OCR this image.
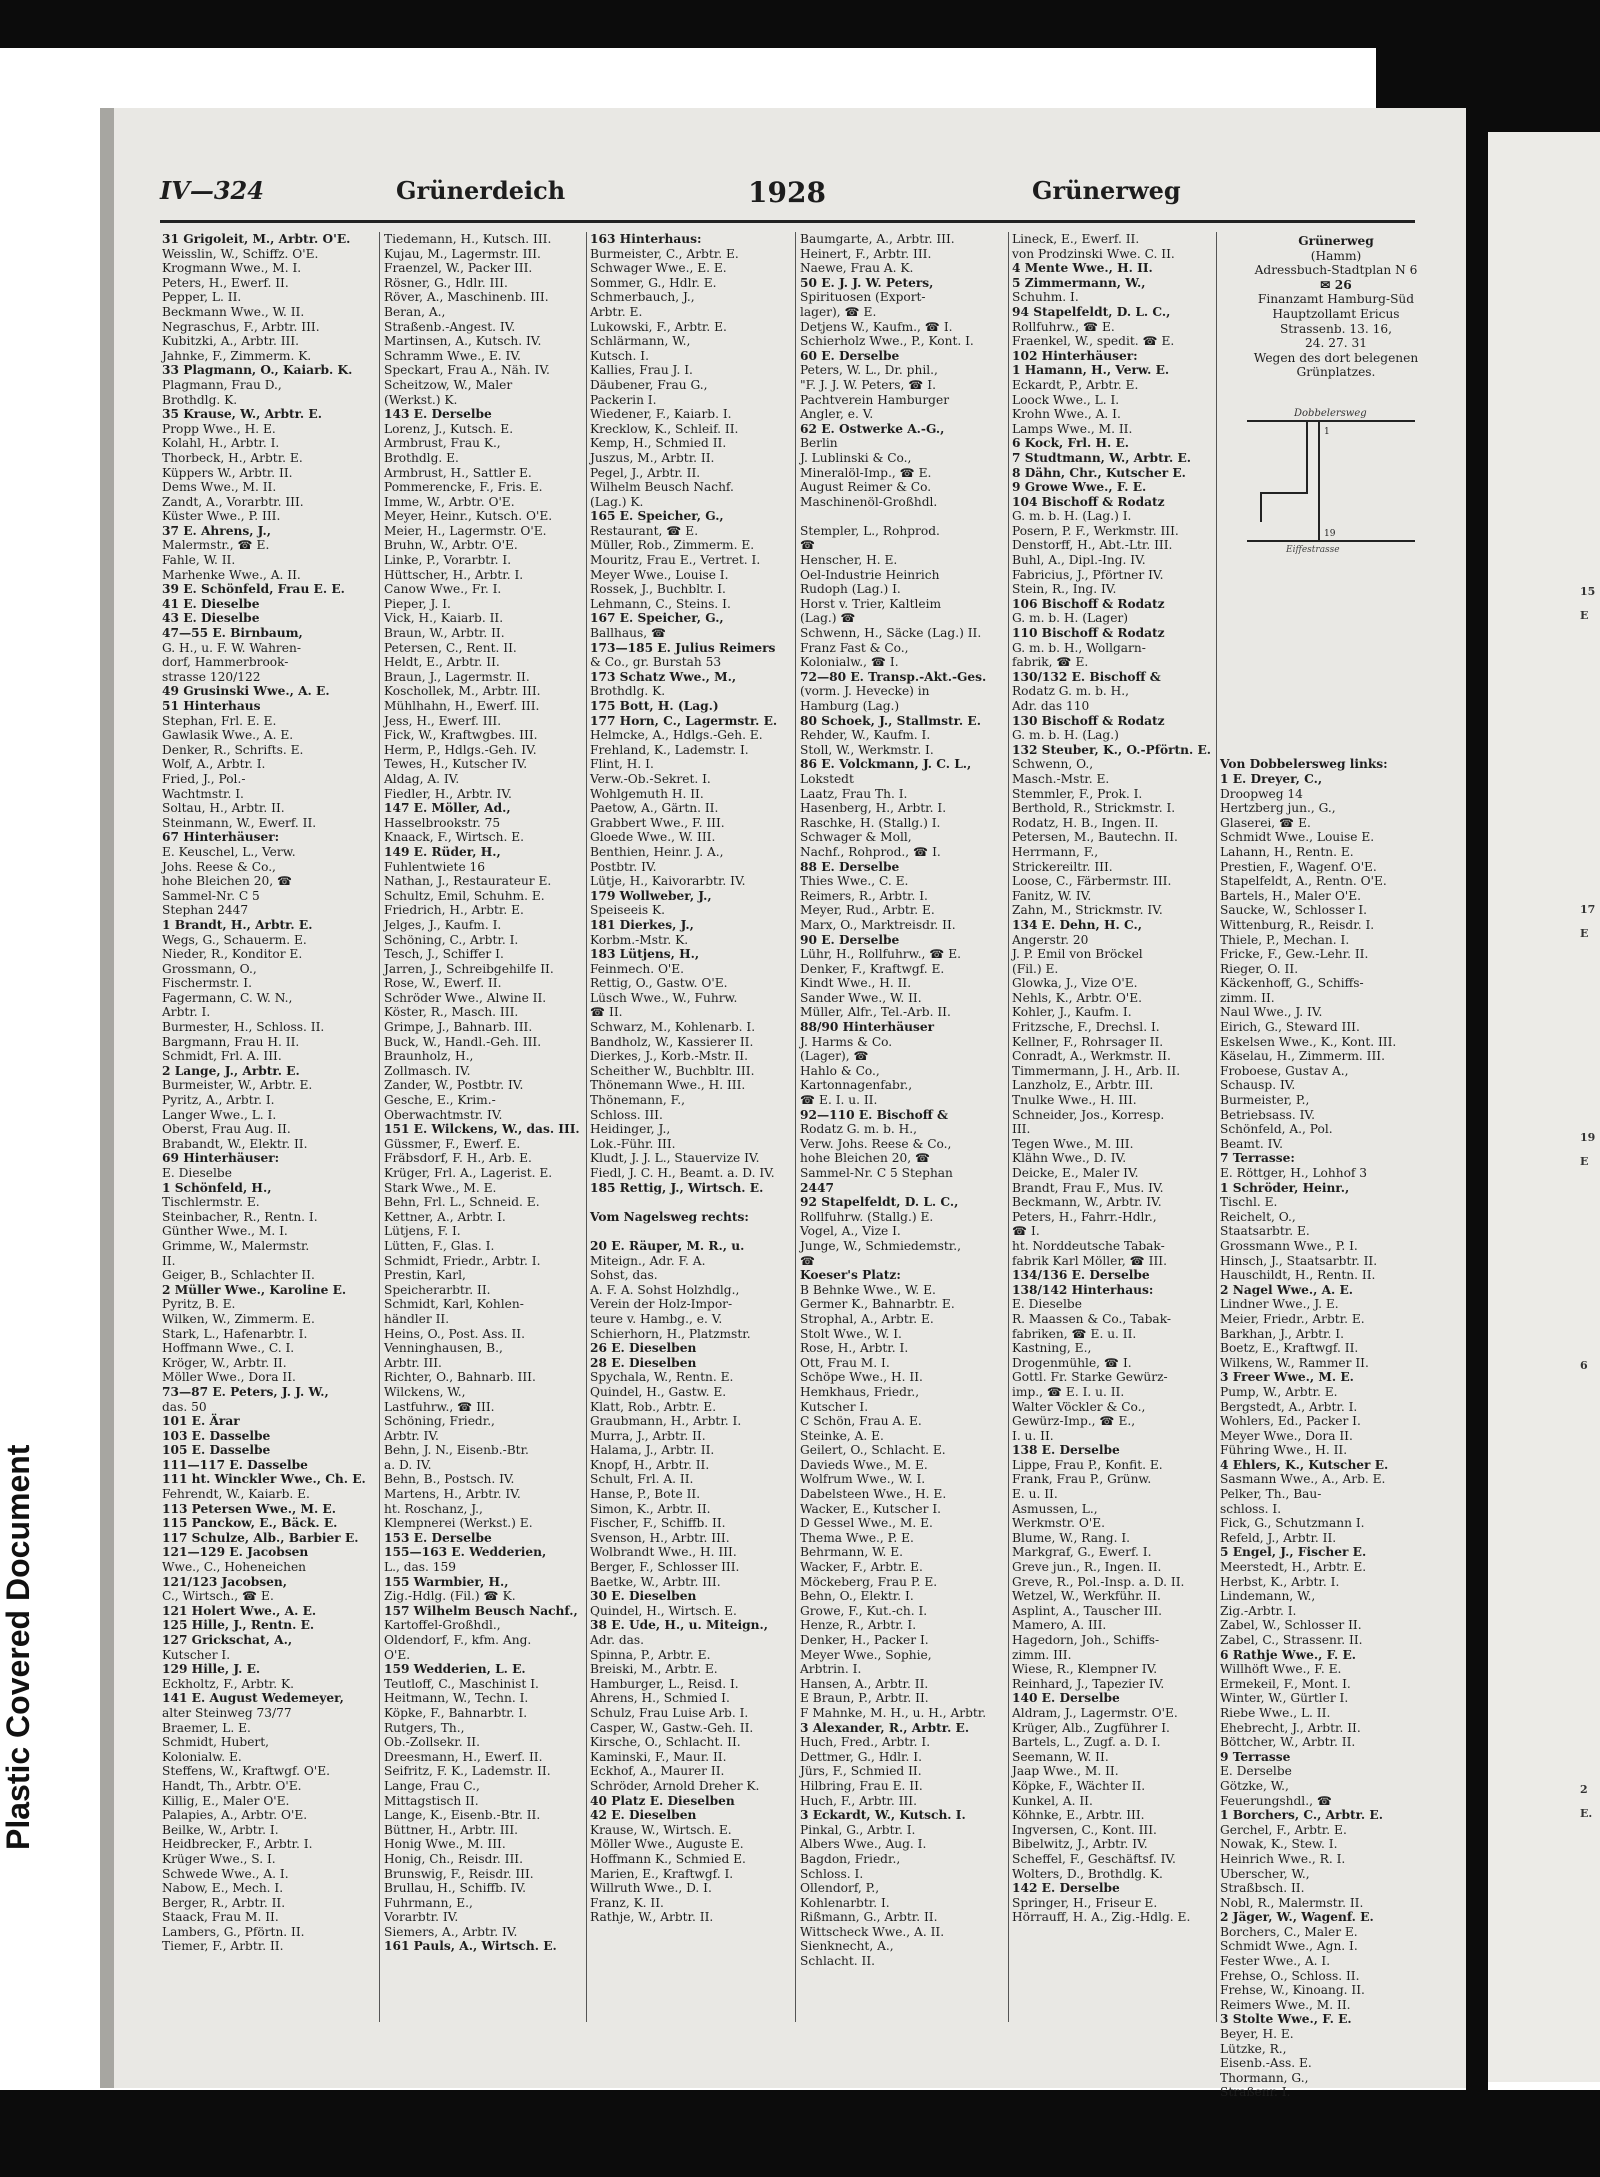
15 E
17 E
19 E
6
2 E.
Plastic Covered Document
IV—324	Grünerdeich	1928	Grünerweg
31 Grigoleit, M., Arbtr. O'E.
Weisslin, W., Schiffz. O'E.
Krogmann Wwe., M. I.
Peters, H., Ewerf. II.
Pepper, L. II.
Beckmann Wwe., W. II.
Negraschus, F., Arbtr. III.
Kubitzki, A., Arbtr. III.
Jahnke, F., Zimmerm. K.
33 Plagmann, O., Kaiarb. K.
Plagmann, Frau D.,
Brothdlg. K.
35 Krause, W., Arbtr. E.
Propp Wwe., H. E.
Kolahl, H., Arbtr. I.
Thorbeck, H., Arbtr. E.
Küppers W., Arbtr. II.
Dems Wwe., M. II.
Zandt, A., Vorarbtr. III.
Küster Wwe., P. III.
37 E. Ahrens, J.,
Malermstr., ☎ E.
Fahle, W. II.
Marhenke Wwe., A. II.
39 E. Schönfeld, Frau E. E.
41 E. Dieselbe
43 E. Dieselbe
47—55 E. Birnbaum,
G. H., u. F. W. Wahren-
dorf, Hammerbrook-
strasse 120/122
49 Grusinski Wwe., A. E.
51 Hinterhaus
Stephan, Frl. E. E.
Gawlasik Wwe., A. E.
Denker, R., Schrifts. E.
Wolf, A., Arbtr. I.
Fried, J., Pol.-
Wachtmstr. I.
Soltau, H., Arbtr. II.
Steinmann, W., Ewerf. II.
67 Hinterhäuser:
E. Keuschel, L., Verw.
Johs. Reese & Co.,
hohe Bleichen 20, ☎
Sammel-Nr. C 5
Stephan 2447
1 Brandt, H., Arbtr. E.
Wegs, G., Schauerm. E.
Nieder, R., Konditor E.
Grossmann, O.,
Fischermstr. I.
Fagermann, C. W. N.,
Arbtr. I.
Burmester, H., Schloss. II.
Bargmann, Frau H. II.
Schmidt, Frl. A. III.
2 Lange, J., Arbtr. E.
Burmeister, W., Arbtr. E.
Pyritz, A., Arbtr. I.
Langer Wwe., L. I.
Oberst, Frau Aug. II.
Brabandt, W., Elektr. II.
69 Hinterhäuser:
E. Dieselbe
1 Schönfeld, H.,
Tischlermstr. E.
Steinbacher, R., Rentn. I.
Günther Wwe., M. I.
Grimme, W., Malermstr.
II.
Geiger, B., Schlachter II.
2 Müller Wwe., Karoline E.
Pyritz, B. E.
Wilken, W., Zimmerm. E.
Stark, L., Hafenarbtr. I.
Hoffmann Wwe., C. I.
Kröger, W., Arbtr. II.
Möller Wwe., Dora II.
73—87 E. Peters, J. J. W.,
das. 50
101 E. Ärar
103 E. Dasselbe
105 E. Dasselbe
111—117 E. Dasselbe
111 ht. Winckler Wwe., Ch. E.
Fehrendt, W., Kaiarb. E.
113 Petersen Wwe., M. E.
115 Panckow, E., Bäck. E.
117 Schulze, Alb., Barbier E.
121—129 E. Jacobsen
Wwe., C., Hoheneichen
121/123 Jacobsen,
C., Wirtsch., ☎ E.
121 Holert Wwe., A. E.
125 Hille, J., Rentn. E.
127 Grickschat, A.,
Kutscher I.
129 Hille, J. E.
Eckholtz, F., Arbtr. K.
141 E. August Wedemeyer,
alter Steinweg 73/77
Braemer, L. E.
Schmidt, Hubert,
Kolonialw. E.
Steffens, W., Kraftwgf. O'E.
Handt, Th., Arbtr. O'E.
Killig, E., Maler O'E.
Palapies, A., Arbtr. O'E.
Beilke, W., Arbtr. I.
Heidbrecker, F., Arbtr. I.
Krüger Wwe., S. I.
Schwede Wwe., A. I.
Nabow, E., Mech. I.
Berger, R., Arbtr. II.
Staack, Frau M. II.
Lambers, G., Pförtn. II.
Tiemer, F., Arbtr. II.
Tiedemann, H., Kutsch. III.
Kujau, M., Lagermstr. III.
Fraenzel, W., Packer III.
Rösner, G., Hdlr. III.
Röver, A., Maschinenb. III.
Beran, A.,
Straßenb.-Angest. IV.
Martinsen, A., Kutsch. IV.
Schramm Wwe., E. IV.
Speckart, Frau A., Näh. IV.
Scheitzow, W., Maler
(Werkst.) K.
143 E. Derselbe
Lorenz, J., Kutsch. E.
Armbrust, Frau K.,
Brothdlg. E.
Armbrust, H., Sattler E.
Pommerencke, F., Fris. E.
Imme, W., Arbtr. O'E.
Meyer, Heinr., Kutsch. O'E.
Meier, H., Lagermstr. O'E.
Bruhn, W., Arbtr. O'E.
Linke, P., Vorarbtr. I.
Hüttscher, H., Arbtr. I.
Canow Wwe., Fr. I.
Pieper, J. I.
Vick, H., Kaiarb. II.
Braun, W., Arbtr. II.
Petersen, C., Rent. II.
Heldt, E., Arbtr. II.
Braun, J., Lagermstr. II.
Koschollek, M., Arbtr. III.
Mühlhahn, H., Ewerf. III.
Jess, H., Ewerf. III.
Fick, W., Kraftwgbes. III.
Herm, P., Hdlgs.-Geh. IV.
Tewes, H., Kutscher IV.
Aldag, A. IV.
Fiedler, H., Arbtr. IV.
147 E. Möller, Ad.,
Hasselbrookstr. 75
Knaack, F., Wirtsch. E.
149 E. Rüder, H.,
Fuhlentwiete 16
Nathan, J., Restaurateur E.
Schultz, Emil, Schuhm. E.
Friedrich, H., Arbtr. E.
Jelges, J., Kaufm. I.
Schöning, C., Arbtr. I.
Tesch, J., Schiffer I.
Jarren, J., Schreibgehilfe II.
Rose, W., Ewerf. II.
Schröder Wwe., Alwine II.
Köster, R., Masch. III.
Grimpe, J., Bahnarb. III.
Buck, W., Handl.-Geh. III.
Braunholz, H.,
Zollmasch. IV.
Zander, W., Postbtr. IV.
Gesche, E., Krim.-
Oberwachtmstr. IV.
151 E. Wilckens, W., das. III.
Güssmer, F., Ewerf. E.
Fräbsdorf, F. H., Arb. E.
Krüger, Frl. A., Lagerist. E.
Stark Wwe., M. E.
Behn, Frl. L., Schneid. E.
Kettner, A., Arbtr. I.
Lütjens, F. I.
Lütten, F., Glas. I.
Schmidt, Friedr., Arbtr. I.
Prestin, Karl,
Speicherarbtr. II.
Schmidt, Karl, Kohlen-
händler II.
Heins, O., Post. Ass. II.
Venninghausen, B.,
Arbtr. III.
Richter, O., Bahnarb. III.
Wilckens, W.,
Lastfuhrw., ☎ III.
Schöning, Friedr.,
Arbtr. IV.
Behn, J. N., Eisenb.-Btr.
a. D. IV.
Behn, B., Postsch. IV.
Martens, H., Arbtr. IV.
ht. Roschanz, J.,
Klempnerei (Werkst.) E.
153 E. Derselbe
155—163 E. Wedderien,
L., das. 159
155 Warmbier, H.,
Zig.-Hdlg. (Fil.) ☎ K.
157 Wilhelm Beusch Nachf.,
Kartoffel-Großhdl.,
Oldendorf, F., kfm. Ang.
O'E.
159 Wedderien, L. E.
Teutloff, C., Maschinist I.
Heitmann, W., Techn. I.
Köpke, F., Bahnarbtr. I.
Rutgers, Th.,
Ob.-Zollsekr. II.
Dreesmann, H., Ewerf. II.
Seifritz, F. K., Lademstr. II.
Lange, Frau C.,
Mittagstisch II.
Lange, K., Eisenb.-Btr. II.
Büttner, H., Arbtr. III.
Honig Wwe., M. III.
Honig, Ch., Reisdr. III.
Brunswig, F., Reisdr. III.
Brullau, H., Schiffb. IV.
Fuhrmann, E.,
Vorarbtr. IV.
Siemers, A., Arbtr. IV.
161 Pauls, A., Wirtsch. E.
163 Hinterhaus:
Burmeister, C., Arbtr. E.
Schwager Wwe., E. E.
Sommer, G., Hdlr. E.
Schmerbauch, J.,
Arbtr. E.
Lukowski, F., Arbtr. E.
Schlärmann, W.,
Kutsch. I.
Kallies, Frau J. I.
Däubener, Frau G.,
Packerin I.
Wiedener, F., Kaiarb. I.
Krecklow, K., Schleif. II.
Kemp, H., Schmied II.
Juszus, M., Arbtr. II.
Pegel, J., Arbtr. II.
Wilhelm Beusch Nachf.
(Lag.) K.
165 E. Speicher, G.,
Restaurant, ☎ E.
Müller, Rob., Zimmerm. E.
Mouritz, Frau E., Vertret. I.
Meyer Wwe., Louise I.
Rossek, J., Buchbltr. I.
Lehmann, C., Steins. I.
167 E. Speicher, G.,
Ballhaus, ☎
173—185 E. Julius Reimers
& Co., gr. Burstah 53
173 Schatz Wwe., M.,
Brothdlg. K.
175 Bott, H. (Lag.)
177 Horn, C., Lagermstr. E.
Helmcke, A., Hdlgs.-Geh. E.
Frehland, K., Lademstr. I.
Flint, H. I.
Verw.-Ob.-Sekret. I.
Wohlgemuth H. II.
Paetow, A., Gärtn. II.
Grabbert Wwe., F. III.
Gloede Wwe., W. III.
Benthien, Heinr. J. A.,
Postbtr. IV.
Lütje, H., Kaivorarbtr. IV.
179 Wollweber, J.,
Speiseeis K.
181 Dierkes, J.,
Korbm.-Mstr. K.
183 Lütjens, H.,
Feinmech. O'E.
Rettig, O., Gastw. O'E.
Lüsch Wwe., W., Fuhrw.
☎ II.
Schwarz, M., Kohlenarb. I.
Bandholz, W., Kassierer II.
Dierkes, J., Korb.-Mstr. II.
Scheither W., Buchbltr. III.
Thönemann Wwe., H. III.
Thönemann, F.,
Schloss. III.
Heidinger, J.,
Lok.-Führ. III.
Kludt, J. J. L., Stauervize IV.
Fiedl, J. C. H., Beamt. a. D. IV.
185 Rettig, J., Wirtsch. E.

Vom Nagelsweg rechts:

20 E. Räuper, M. R., u.
Miteign., Adr. F. A.
Sohst, das.
A. F. A. Sohst Holzhdlg.,
Verein der Holz-Impor-
teure v. Hambg., e. V.
Schierhorn, H., Platzmstr.
26 E. Dieselben
28 E. Dieselben
Spychala, W., Rentn. E.
Quindel, H., Gastw. E.
Klatt, Rob., Arbtr. E.
Graubmann, H., Arbtr. I.
Murra, J., Arbtr. II.
Halama, J., Arbtr. II.
Knopf, H., Arbtr. II.
Schult, Frl. A. II.
Hanse, P., Bote II.
Simon, K., Arbtr. II.
Fischer, F., Schiffb. II.
Svenson, H., Arbtr. III.
Wolbrandt Wwe., H. III.
Berger, F., Schlosser III.
Baetke, W., Arbtr. III.
30 E. Dieselben
Quindel, H., Wirtsch. E.
38 E. Ude, H., u. Miteign.,
Adr. das.
Spinna, P., Arbtr. E.
Breiski, M., Arbtr. E.
Hamburger, L., Reisd. I.
Ahrens, H., Schmied I.
Schulz, Frau Luise Arb. I.
Casper, W., Gastw.-Geh. II.
Kirsche, O., Schlacht. II.
Kaminski, F., Maur. II.
Eckhof, A., Maurer II.
Schröder, Arnold Dreher K.
40 Platz E. Dieselben
42 E. Dieselben
Krause, W., Wirtsch. E.
Möller Wwe., Auguste E.
Hoffmann K., Schmied E.
Marien, E., Kraftwgf. I.
Willruth Wwe., D. I.
Franz, K. II.
Rathje, W., Arbtr. II.
Baumgarte, A., Arbtr. III.
Heinert, F., Arbtr. III.
Naewe, Frau A. K.
50 E. J. J. W. Peters,
Spirituosen (Export-
lager), ☎ E.
Detjens W., Kaufm., ☎ I.
Schierholz Wwe., P., Kont. I.
60 E. Derselbe
Peters, W. L., Dr. phil.,
"F. J. J. W. Peters, ☎ I.
Pachtverein Hamburger
Angler, e. V.
62 E. Ostwerke A.-G.,
Berlin
J. Lublinski & Co.,
Mineralöl-Imp., ☎ E.
August Reimer & Co.
Maschinenöl-Großhdl.

Stempler, L., Rohprod.
☎
Henscher, H. E.
Oel-Industrie Heinrich
Rudoph (Lag.) I.
Horst v. Trier, Kaltleim
(Lag.) ☎
Schwenn, H., Säcke (Lag.) II.
Franz Fast & Co.,
Kolonialw., ☎ I.
72—80 E. Transp.-Akt.-Ges.
(vorm. J. Hevecke) in
Hamburg (Lag.)
80 Schoek, J., Stallmstr. E.
Rehder, W., Kaufm. I.
Stoll, W., Werkmstr. I.
86 E. Volckmann, J. C. L.,
Lokstedt
Laatz, Frau Th. I.
Hasenberg, H., Arbtr. I.
Raschke, H. (Stallg.) I.
Schwager & Moll,
Nachf., Rohprod., ☎ I.
88 E. Derselbe
Thies Wwe., C. E.
Reimers, R., Arbtr. I.
Meyer, Rud., Arbtr. E.
Marx, O., Marktreisdr. II.
90 E. Derselbe
Lühr, H., Rollfuhrw., ☎ E.
Denker, F., Kraftwgf. E.
Kindt Wwe., H. II.
Sander Wwe., W. II.
Müller, Alfr., Tel.-Arb. II.
88/90 Hinterhäuser
J. Harms & Co.
(Lager), ☎
Hahlo & Co.,
Kartonnagenfabr.,
☎ E. I. u. II.
92—110 E. Bischoff &
Rodatz G. m. b. H.,
Verw. Johs. Reese & Co.,
hohe Bleichen 20, ☎
Sammel-Nr. C 5 Stephan
2447
92 Stapelfeldt, D. L. C.,
Rollfuhrw. (Stallg.) E.
Vogel, A., Vize I.
Junge, W., Schmiedemstr.,
☎
Koeser's Platz:
B Behnke Wwe., W. E.
Germer K., Bahnarbtr. E.
Strophal, A., Arbtr. E.
Stolt Wwe., W. I.
Rose, H., Arbtr. I.
Ott, Frau M. I.
Schöpe Wwe., H. II.
Hemkhaus, Friedr.,
Kutscher I.
C Schön, Frau A. E.
Steinke, A. E.
Geilert, O., Schlacht. E.
Davieds Wwe., M. E.
Wolfrum Wwe., W. I.
Dabelsteen Wwe., H. E.
Wacker, E., Kutscher I.
D Gessel Wwe., M. E.
Thema Wwe., P. E.
Behrmann, W. E.
Wacker, F., Arbtr. E.
Möckeberg, Frau P. E.
Behn, O., Elektr. I.
Growe, F., Kut.-ch. I.
Henze, R., Arbtr. I.
Denker, H., Packer I.
Meyer Wwe., Sophie,
Arbtrin. I.
Hansen, A., Arbtr. II.
E Braun, P., Arbtr. II.
F Mahnke, M. H., u. H., Arbtr.
3 Alexander, R., Arbtr. E.
Huch, Fred., Arbtr. I.
Dettmer, G., Hdlr. I.
Jürs, F., Schmied II.
Hilbring, Frau E. II.
Huch, F., Arbtr. III.
3 Eckardt, W., Kutsch. I.
Pinkal, G., Arbtr. I.
Albers Wwe., Aug. I.
Bagdon, Friedr.,
Schloss. I.
Ollendorf, P.,
Kohlenarbtr. I.
Rißmann, G., Arbtr. II.
Wittscheck Wwe., A. II.
Sienknecht, A.,
Schlacht. II.
Lineck, E., Ewerf. II.
von Prodzinski Wwe. C. II.
4 Mente Wwe., H. II.
5 Zimmermann, W.,
Schuhm. I.
94 Stapelfeldt, D. L. C.,
Rollfuhrw., ☎ E.
Fraenkel, W., spedit. ☎ E.
102 Hinterhäuser:
1 Hamann, H., Verw. E.
Eckardt, P., Arbtr. E.
Loock Wwe., L. I.
Krohn Wwe., A. I.
Lamps Wwe., M. II.
6 Kock, Frl. H. E.
7 Studtmann, W., Arbtr. E.
8 Dähn, Chr., Kutscher E.
9 Growe Wwe., F. E.
104 Bischoff & Rodatz
G. m. b. H. (Lag.) I.
Posern, P. F., Werkmstr. III.
Denstorff, H., Abt.-Ltr. III.
Buhl, A., Dipl.-Ing. IV.
Fabricius, J., Pförtner IV.
Stein, R., Ing. IV.
106 Bischoff & Rodatz
G. m. b. H. (Lager)
110 Bischoff & Rodatz
G. m. b. H., Wollgarn-
fabrik, ☎ E.
130/132 E. Bischoff &
Rodatz G. m. b. H.,
Adr. das 110
130 Bischoff & Rodatz
G. m. b. H. (Lag.)
132 Steuber, K., O.-Pförtn. E.
Schwenn, O.,
Masch.-Mstr. E.
Stemmler, F., Prok. I.
Berthold, R., Strickmstr. I.
Rodatz, H. B., Ingen. II.
Petersen, M., Bautechn. II.
Herrmann, F.,
Strickereiltr. III.
Loose, C., Färbermstr. III.
Fanitz, W. IV.
Zahn, M., Strickmstr. IV.
134 E. Dehn, H. C.,
Angerstr. 20
J. P. Emil von Bröckel
(Fil.) E.
Glowka, J., Vize O'E.
Nehls, K., Arbtr. O'E.
Kohler, J., Kaufm. I.
Fritzsche, F., Drechsl. I.
Kellner, F., Rohrsager II.
Conradt, A., Werkmstr. II.
Timmermann, J. H., Arb. II.
Lanzholz, E., Arbtr. III.
Tnulke Wwe., H. III.
Schneider, Jos., Korresp.
III.
Tegen Wwe., M. III.
Klähn Wwe., D. IV.
Deicke, E., Maler IV.
Brandt, Frau F., Mus. IV.
Beckmann, W., Arbtr. IV.
Peters, H., Fahrr.-Hdlr.,
☎ I.
ht. Norddeutsche Tabak-
fabrik Karl Möller, ☎ III.
134/136 E. Derselbe
138/142 Hinterhaus:
E. Dieselbe
R. Maassen & Co., Tabak-
fabriken, ☎ E. u. II.
Kastning, E.,
Drogenmühle, ☎ I.
Gottl. Fr. Starke Gewürz-
imp., ☎ E. I. u. II.
Walter Vöckler & Co.,
Gewürz-Imp., ☎ E.,
I. u. II.
138 E. Derselbe
Lippe, Frau P., Konfit. E.
Frank, Frau P., Grünw.
E. u. II.
Asmussen, L.,
Werkmstr. O'E.
Blume, W., Rang. I.
Markgraf, G., Ewerf. I.
Greve jun., R., Ingen. II.
Greve, R., Pol.-Insp. a. D. II.
Wetzel, W., Werkführ. II.
Asplint, A., Tauscher III.
Mamero, A. III.
Hagedorn, Joh., Schiffs-
zimm. III.
Wiese, R., Klempner IV.
Reinhard, J., Tapezier IV.
140 E. Derselbe
Aldram, J., Lagermstr. O'E.
Krüger, Alb., Zugführer I.
Bartels, L., Zugf. a. D. I.
Seemann, W. II.
Jaap Wwe., M. II.
Köpke, F., Wächter II.
Kunkel, A. II.
Köhnke, E., Arbtr. III.
Ingversen, C., Kont. III.
Bibelwitz, J., Arbtr. IV.
Scheffel, F., Geschäftsf. IV.
Wolters, D., Brothdlg. K.
142 E. Derselbe
Springer, H., Friseur E.
Hörrauff, H. A., Zig.-Hdlg. E.

Von Dobbelersweg links:
1 E. Dreyer, C.,
Droopweg 14
Hertzberg jun., G.,
Glaserei, ☎ E.
Schmidt Wwe., Louise E.
Lahann, H., Rentn. E.
Prestien, F., Wagenf. O'E.
Stapelfeldt, A., Rentn. O'E.
Bartels, H., Maler O'E.
Saucke, W., Schlosser I.
Wittenburg, R., Reisdr. I.
Thiele, P., Mechan. I.
Fricke, F., Gew.-Lehr. II.
Rieger, O. II.
Käckenhoff, G., Schiffs-
zimm. II.
Naul Wwe., J. IV.
Eirich, G., Steward III.
Eskelsen Wwe., K., Kont. III.
Käselau, H., Zimmerm. III.
Froboese, Gustav A.,
Schausp. IV.
Burmeister, P.,
Betriebsass. IV.
Schönfeld, A., Pol.
Beamt. IV.
7 Terrasse:
E. Röttger, H., Lohhof 3
1 Schröder, Heinr.,
Tischl. E.
Reichelt, O.,
Staatsarbtr. E.
Grossmann Wwe., P. I.
Hinsch, J., Staatsarbtr. II.
Hauschildt, H., Rentn. II.
2 Nagel Wwe., A. E.
Lindner Wwe., J. E.
Meier, Friedr., Arbtr. E.
Barkhan, J., Arbtr. I.
Boetz, E., Kraftwgf. II.
Wilkens, W., Rammer II.
3 Freer Wwe., M. E.
Pump, W., Arbtr. E.
Bergstedt, A., Arbtr. I.
Wohlers, Ed., Packer I.
Meyer Wwe., Dora II.
Führing Wwe., H. II.
4 Ehlers, K., Kutscher E.
Sasmann Wwe., A., Arb. E.
Pelker, Th., Bau-
schloss. I.
Fick, G., Schutzmann I.
Refeld, J., Arbtr. II.
5 Engel, J., Fischer E.
Meerstedt, H., Arbtr. E.
Herbst, K., Arbtr. I.
Lindemann, W.,
Zig.-Arbtr. I.
Zabel, W., Schlosser II.
Zabel, C., Strassenr. II.
6 Rathje Wwe., F. E.
Willhöft Wwe., F. E.
Ermekeil, F., Mont. I.
Winter, W., Gürtler I.
Riebe Wwe., L. II.
Ehebrecht, J., Arbtr. II.
Böttcher, W., Arbtr. II.
9 Terrasse
E. Derselbe
Götzke, W.,
Feuerungshdl., ☎
1 Borchers, C., Arbtr. E.
Gerchel, F., Arbtr. E.
Nowak, K., Stew. I.
Heinrich Wwe., R. I.
Uberscher, W.,
Straßbsch. II.
Nobl, R., Malermstr. II.
2 Jäger, W., Wagenf. E.
Borchers, C., Maler E.
Schmidt Wwe., Agn. I.
Fester Wwe., A. I.
Frehse, O., Schloss. II.
Frehse, W., Kinoang. II.
Reimers Wwe., M. II.
3 Stolte Wwe., F. E.
Beyer, H. E.
Lützke, R.,
Eisenb.-Ass. E.
Thormann, G.,
Straßenr. I.
Grünerweg
(Hamm)
Adressbuch-Stadtplan N 6
✉ 26
Finanzamt Hamburg-Süd
Hauptzollamt Ericus
Strassenb. 13. 16,
24. 27. 31
Wegen des dort belegenen
Grünplatzes.
Dobbelersweg
Eiffestrasse
1
19
